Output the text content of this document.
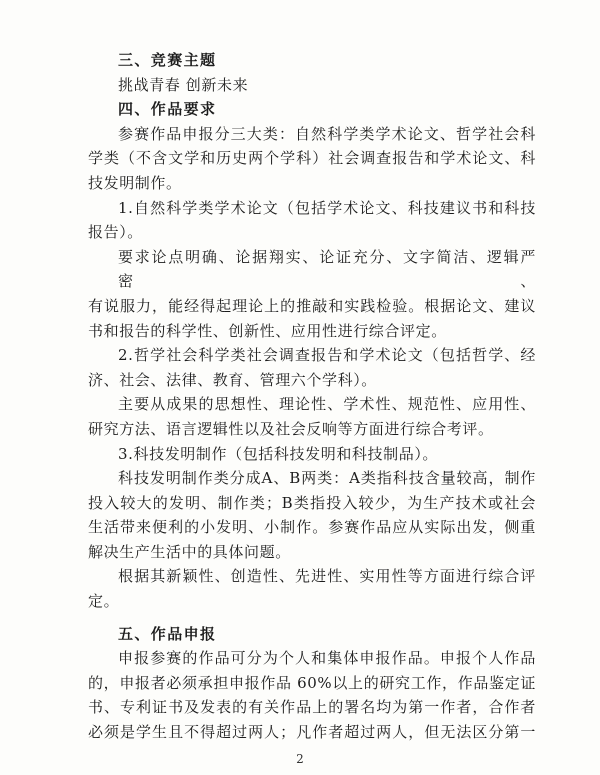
三、竞赛主题
挑战青春 创新未来
四、作品要求
参赛作品申报分三大类：自然科学类学术论文、哲学社会科
学类（不含文学和历史两个学科）社会调查报告和学术论文、科
技发明制作。
1.自然科学类学术论文（包括学术论文、科技建议书和科技
报告）。
要求论点明确、论据翔实、论证充分、文字简洁、逻辑严密、
有说服力，能经得起理论上的推敲和实践检验。根据论文、建议
书和报告的科学性、创新性、应用性进行综合评定。
2.哲学社会科学类社会调查报告和学术论文（包括哲学、经
济、社会、法律、教育、管理六个学科）。
主要从成果的思想性、理论性、学术性、规范性、应用性、
研究方法、语言逻辑性以及社会反响等方面进行综合考评。
3.科技发明制作（包括科技发明和科技制品）。
科技发明制作类分成A、B两类：A类指科技含量较高，制作
投入较大的发明、制作类；B类指投入较少，为生产技术或社会
生活带来便利的小发明、小制作。参赛作品应从实际出发，侧重
解决生产生活中的具体问题。
根据其新颖性、创造性、先进性、实用性等方面进行综合评
定。
五、作品申报
申报参赛的作品可分为个人和集体申报作品。申报个人作品
的，申报者必须承担申报作品 60%以上的研究工作，作品鉴定证
书、专利证书及发表的有关作品上的署名均为第一作者，合作者
必须是学生且不得超过两人；凡作者超过两人，但无法区分第一
2
